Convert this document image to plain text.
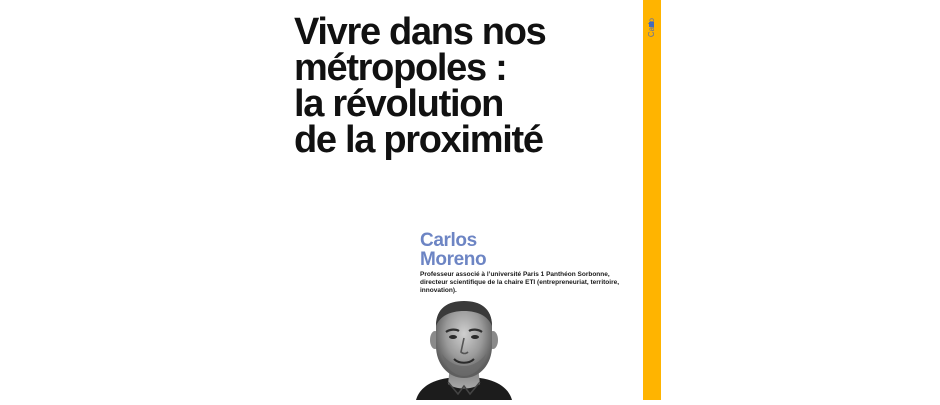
Vivre dans nos
métropoles :
la révolution
de la proximité
Carlos
Moreno
Professeur associé à l’université Paris 1 Panthéon Sorbonne, directeur scientifique de la chaire ETI (entrepreneuriat, territoire, innovation).
Carlo
